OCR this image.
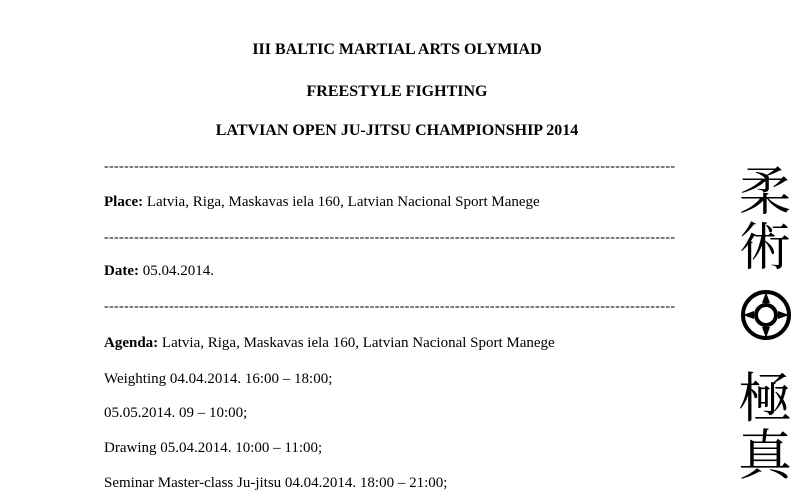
III BALTIC MARTIAL ARTS OLYMIAD
FREESTYLE FIGHTING
LATVIAN OPEN JU-JITSU CHAMPIONSHIP 2014
------------------------------------------------------------------------------------------------------------------
Place: Latvia, Riga, Maskavas iela 160, Latvian Nacional Sport Manege
------------------------------------------------------------------------------------------------------------------
Date: 05.04.2014.
------------------------------------------------------------------------------------------------------------------
Agenda: Latvia, Riga, Maskavas iela 160, Latvian Nacional Sport Manege
Weighting 04.04.2014. 16:00 – 18:00;
05.05.2014. 09 – 10:00;
Drawing 05.04.2014. 10:00 – 11:00;
Seminar Master-class Ju-jitsu 04.04.2014. 18:00 – 21:00;
柔
術
極
真
